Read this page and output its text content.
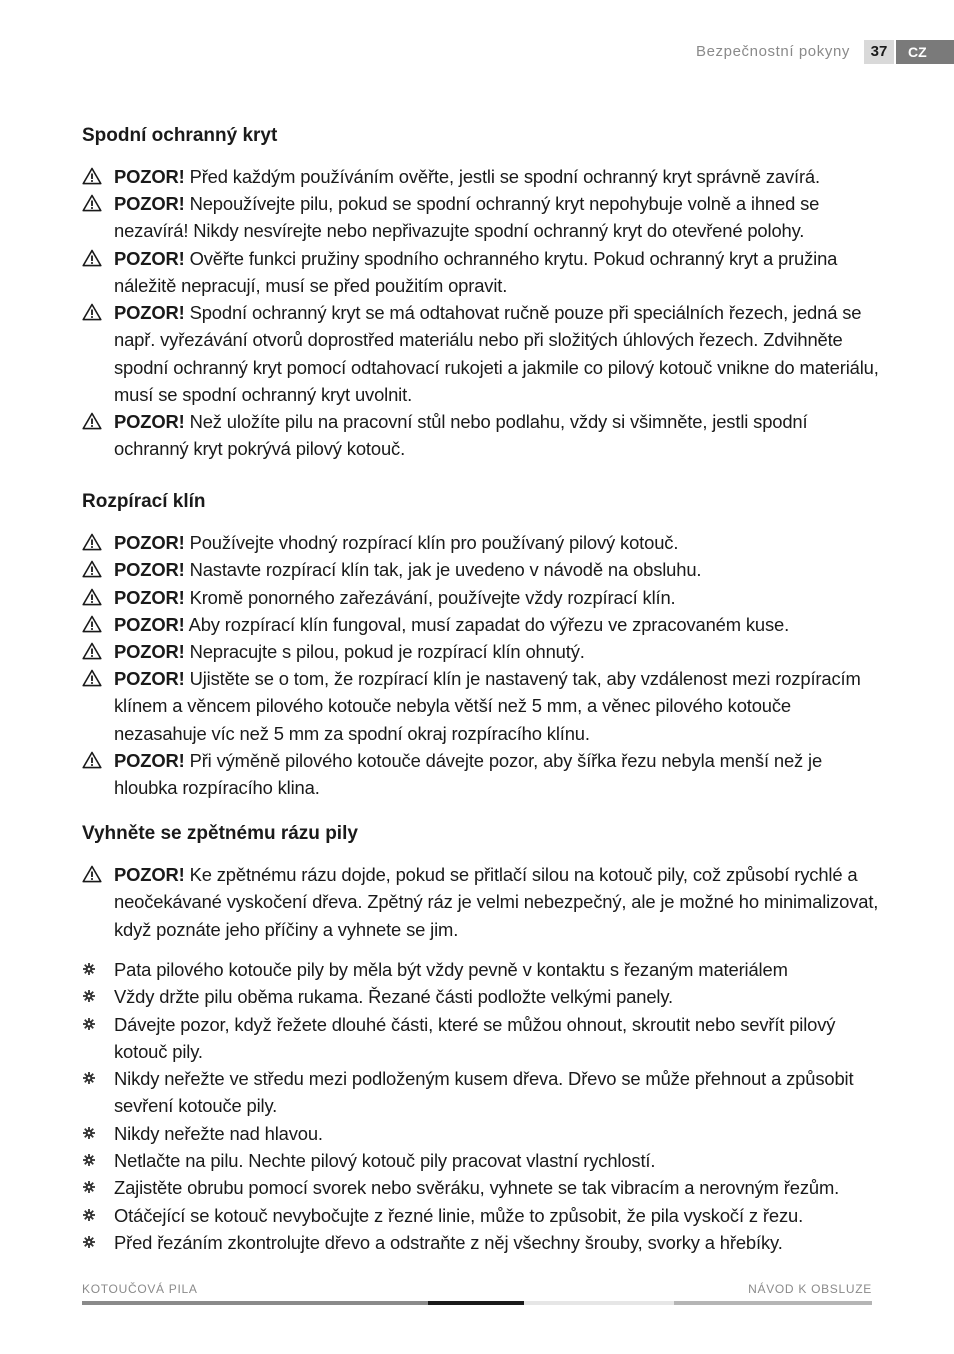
Bezpečnostní pokyny	37	CZ
Spodní ochranný kryt
POZOR! Před každým používáním ověřte, jestli se spodní ochranný kryt správně zavírá.
POZOR! Nepoužívejte pilu, pokud se spodní ochranný kryt nepohybuje volně a ihned se nezavírá! Nikdy nesvírejte nebo nepřivazujte spodní ochranný kryt do otevřené polohy.
POZOR! Ověřte funkci pružiny spodního ochranného krytu. Pokud ochranný kryt a pružina náležitě nepracují, musí se před použitím opravit.
POZOR! Spodní ochranný kryt se má odtahovat ručně pouze při speciálních řezech, jedná se např. vyřezávání otvorů doprostřed materiálu nebo při složitých úhlových řezech. Zdvihněte spodní ochranný kryt pomocí odtahovací rukojeti a jakmile co pilový kotouč vnikne do materiálu, musí se spodní ochranný kryt uvolnit.
POZOR! Než uložíte pilu na pracovní stůl nebo podlahu, vždy si všimněte, jestli spodní ochranný kryt pokrývá pilový kotouč.
Rozpírací klín
POZOR! Používejte vhodný rozpírací klín pro používaný pilový kotouč.
POZOR! Nastavte rozpírací klín tak, jak je uvedeno v návodě na obsluhu.
POZOR! Kromě ponorného zařezávání, používejte vždy rozpírací klín.
POZOR! Aby rozpírací klín fungoval, musí zapadat do výřezu ve zpracovaném kuse.
POZOR! Nepracujte s pilou, pokud je rozpírací klín ohnutý.
POZOR! Ujistěte se o tom, že rozpírací klín je nastavený tak, aby vzdálenost mezi rozpíracím klínem a věncem pilového kotouče nebyla větší než 5 mm, a věnec pilového kotouče nezasahuje víc než 5 mm za spodní okraj rozpíracího klínu.
POZOR! Při výměně pilového kotouče dávejte pozor, aby šířka řezu nebyla menší než je hloubka rozpíracího klina.
Vyhněte se zpětnému rázu pily
POZOR! Ke zpětnému rázu dojde, pokud se přitlačí silou na kotouč pily, což způsobí rychlé a neočekávané vyskočení dřeva. Zpětný ráz je velmi nebezpečný, ale je možné ho minimalizovat, když poznáte jeho příčiny a vyhnete se jim.
Pata pilového kotouče pily by měla být vždy pevně v kontaktu s řezaným materiálem
Vždy držte pilu oběma rukama. Řezané části podložte velkými panely.
Dávejte pozor, když řežete dlouhé části, které se můžou ohnout, skroutit nebo sevřít pilový kotouč pily.
Nikdy neřežte ve středu mezi podloženým kusem dřeva. Dřevo se může přehnout a způsobit sevření kotouče pily.
Nikdy neřežte nad hlavou.
Netlačte na pilu. Nechte pilový kotouč pily pracovat vlastní rychlostí.
Zajistěte obrubu pomocí svorek nebo svěráku, vyhnete se tak vibracím a nerovným řezům.
Otáčející se kotouč nevybočujte z řezné linie, může to způsobit, že pila vyskočí z řezu.
Před řezáním zkontrolujte dřevo a odstraňte z něj všechny šrouby, svorky a hřebíky.
KOTOUČOVÁ PILA	NÁVOD K OBSLUZE
